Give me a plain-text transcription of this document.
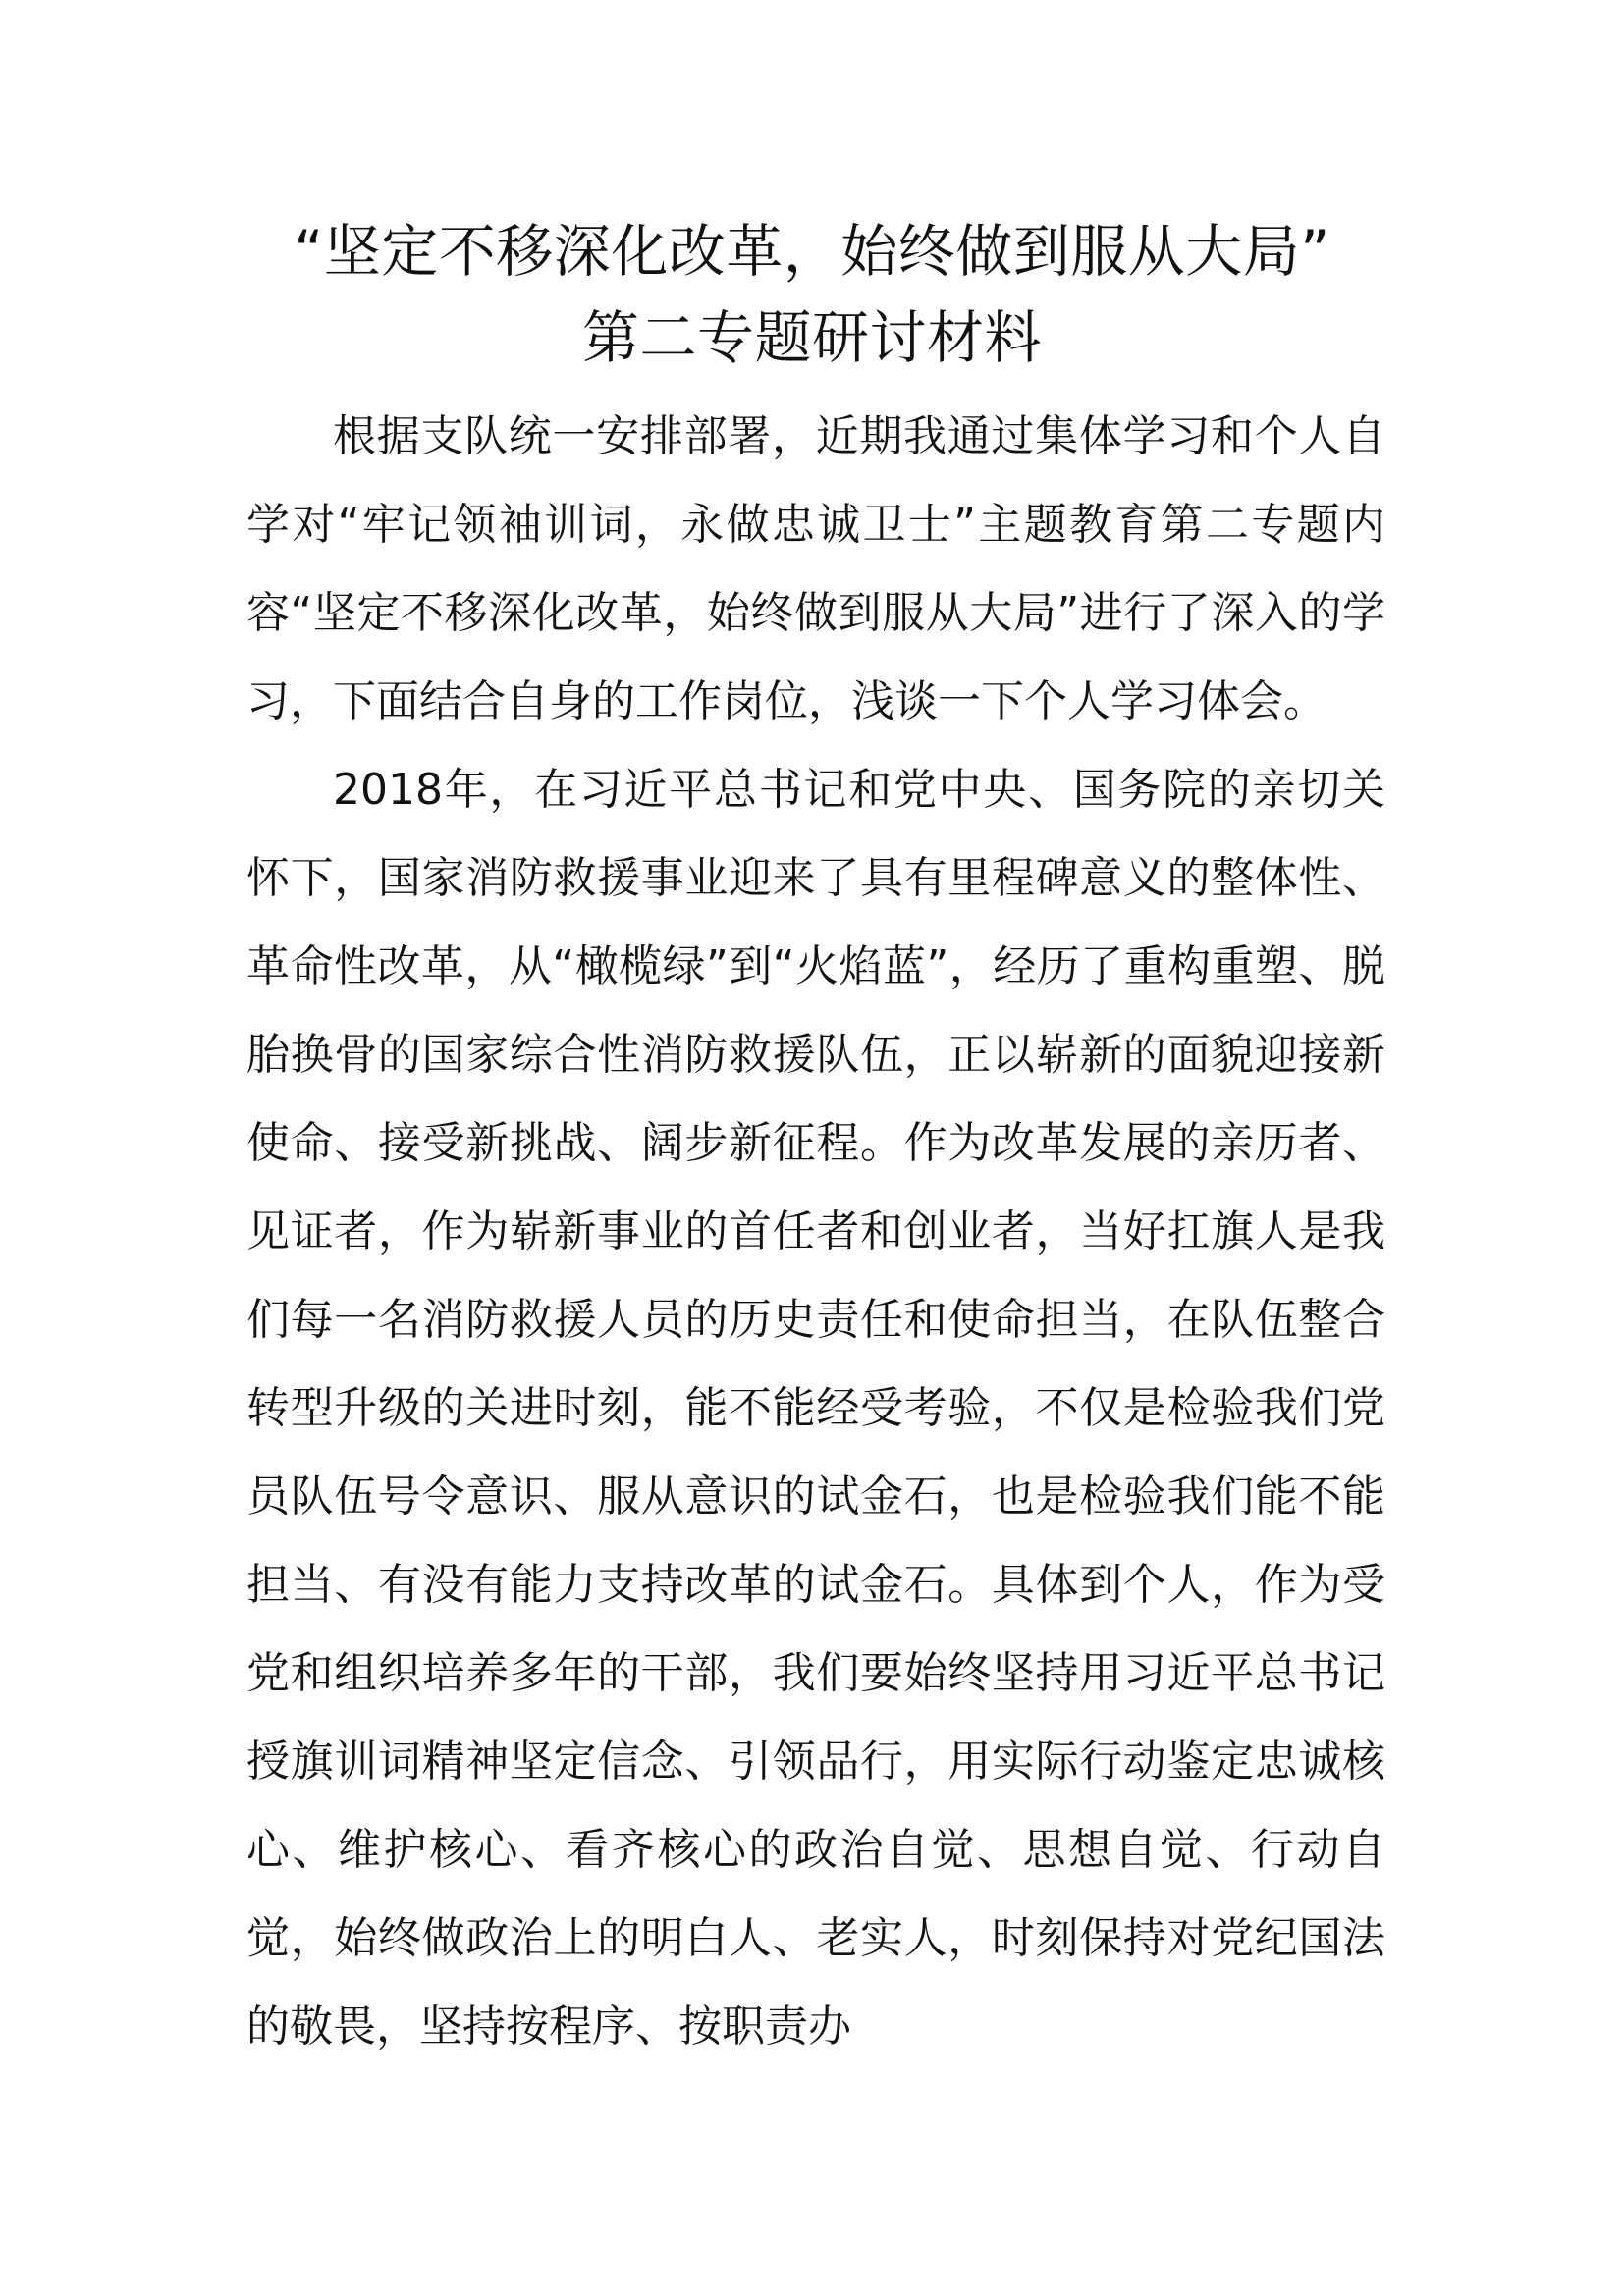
“坚定不移深化改革，始终做到服从大局”
第二专题研讨材料

根据支队统一安排部署，近期我通过集体学习和个人自学对“牢记领袖训词，永做忠诚卫士”主题教育第二专题内容“坚定不移深化改革，始终做到服从大局”进行了深入的学习，下面结合自身的工作岗位，浅谈一下个人学习体会。

2018年，在习近平总书记和党中央、国务院的亲切关怀下，国家消防救援事业迎来了具有里程碑意义的整体性、革命性改革，从“橄榄绿”到“火焰蓝”，经历了重构重塑、脱胎换骨的国家综合性消防救援队伍，正以崭新的面貌迎接新使命、接受新挑战、阔步新征程。作为改革发展的亲历者、见证者，作为崭新事业的首任者和创业者，当好扛旗人是我们每一名消防救援人员的历史责任和使命担当，在队伍整合转型升级的关进时刻，能不能经受考验，不仅是检验我们党员队伍号令意识、服从意识的试金石，也是检验我们能不能担当、有没有能力支持改革的试金石。具体到个人，作为受党和组织培养多年的干部，我们要始终坚持用习近平总书记授旗训词精神坚定信念、引领品行，用实际行动鉴定忠诚核心、维护核心、看齐核心的政治自觉、思想自觉、行动自觉，始终做政治上的明白人、老实人，时刻保持对党纪国法的敬畏，坚持按程序、按职责办
